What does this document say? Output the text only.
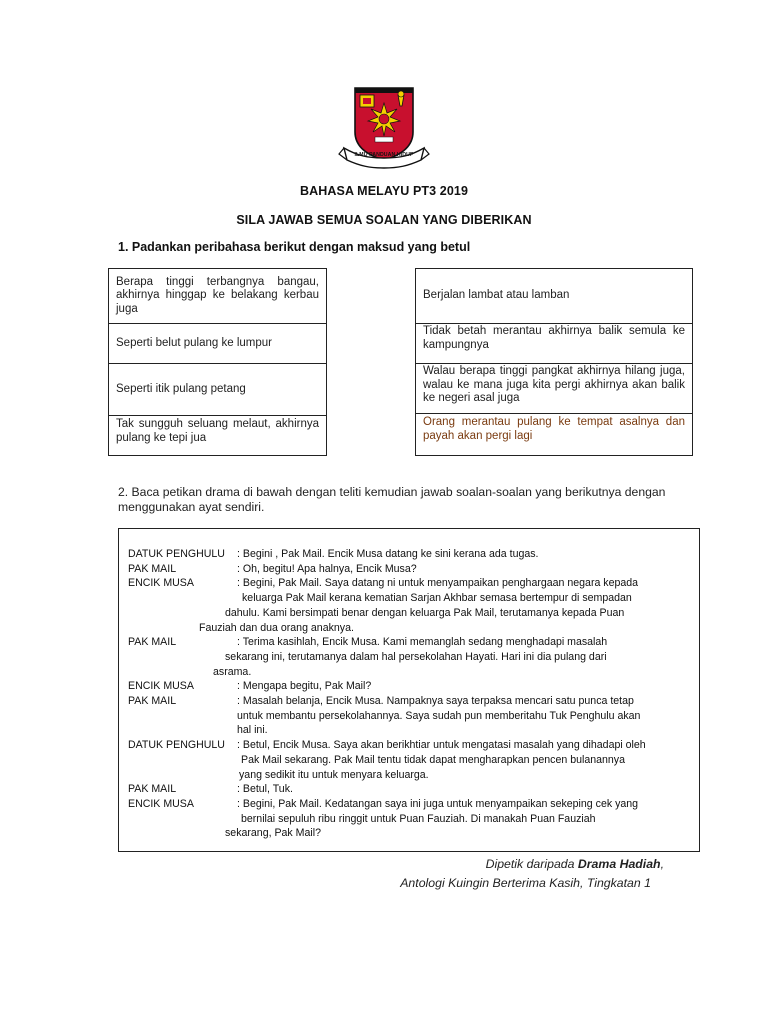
ILMU PANDUAN HIDUP
BAHASA MELAYU PT3 2019
SILA JAWAB SEMUA SOALAN YANG DIBERIKAN
1. Padankan peribahasa berikut dengan maksud yang betul
Berapa tinggi terbangnya bangau, akhirnya hinggap ke belakang kerbau juga
Seperti belut pulang ke lumpur
Seperti itik pulang petang
Tak sungguh seluang melaut, akhirnya pulang ke tepi jua
Berjalan lambat atau lamban
Tidak betah merantau akhirnya balik semula ke kampungnya
Walau berapa tinggi pangkat akhirnya hilang juga, walau ke mana juga kita pergi akhirnya akan balik ke negeri asal juga
Orang merantau pulang ke tempat asalnya dan payah akan pergi lagi
2. Baca petikan drama di bawah dengan teliti kemudian jawab soalan-soalan yang berikutnya dengan menggunakan ayat sendiri.
DATUK PENGHULU : Begini , Pak Mail. Encik Musa datang ke sini kerana ada tugas.
PAK MAIL	: Oh, begitu! Apa halnya, Encik Musa?
ENCIK MUSA	: Begini, Pak Mail. Saya datang ni untuk menyampaikan penghargaan negara kepada
keluarga Pak Mail kerana kematian Sarjan Akhbar semasa bertempur di sempadan
dahulu. Kami bersimpati benar dengan keluarga Pak Mail, terutamanya kepada Puan
Fauziah dan dua orang anaknya.
PAK MAIL	: Terima kasihlah, Encik Musa. Kami memanglah sedang menghadapi masalah
sekarang ini, terutamanya dalam hal persekolahan Hayati. Hari ini dia pulang dari
asrama.
ENCIK MUSA	: Mengapa begitu, Pak Mail?
PAK MAIL	: Masalah belanja, Encik Musa. Nampaknya saya terpaksa mencari satu punca tetap
untuk membantu persekolahannya. Saya sudah pun memberitahu Tuk Penghulu akan
hal ini.
DATUK PENGHULU : Betul, Encik Musa. Saya akan berikhtiar untuk mengatasi masalah yang dihadapi oleh
Pak Mail sekarang. Pak Mail tentu tidak dapat mengharapkan pencen bulanannya
yang sedikit itu untuk menyara keluarga.
PAK MAIL	: Betul, Tuk.
ENCIK MUSA	: Begini, Pak Mail. Kedatangan saya ini juga untuk menyampaikan sekeping cek yang
bernilai sepuluh ribu ringgit untuk Puan Fauziah. Di manakah Puan Fauziah
sekarang, Pak Mail?
Dipetik daripada Drama Hadiah,
Antologi Kuingin Berterima Kasih, Tingkatan 1
